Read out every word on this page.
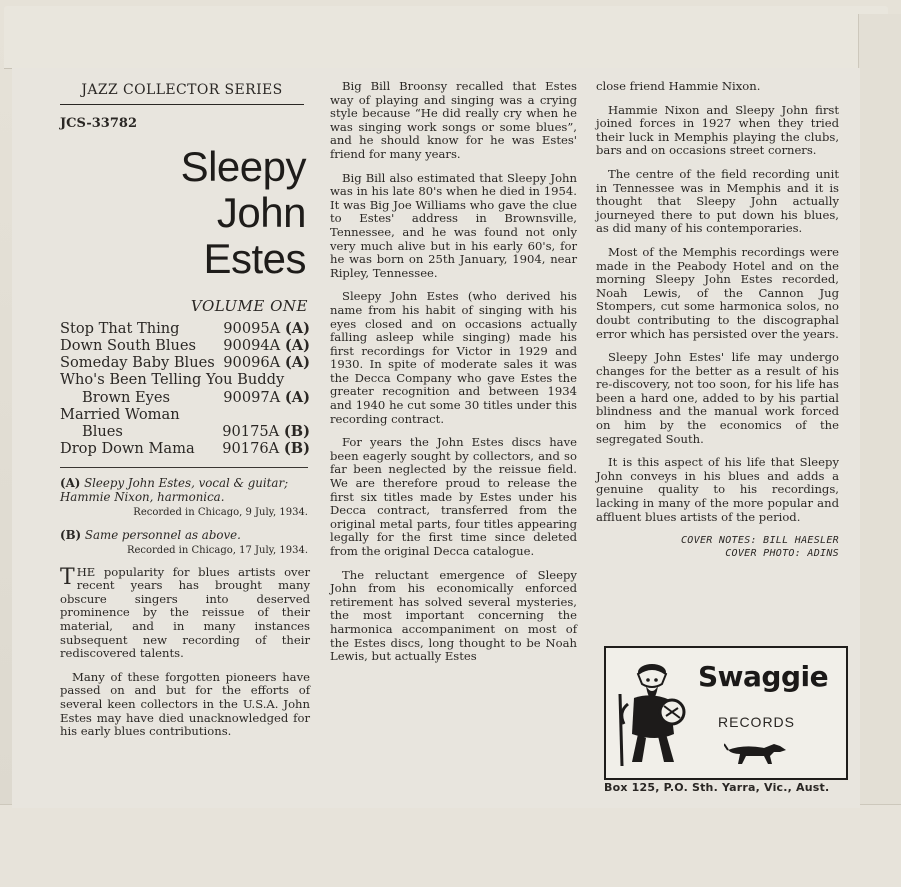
JAZZ COLLECTOR SERIES
JCS-33782
Sleepy
John
Estes
VOLUME ONE
Stop That Thing	90095A (A)
Down South Blues 90094A (A)
Someday Baby Blues 90096A (A)
Who's Been Telling You Buddy
Brown Eyes	90097A (A)
Married Woman
Blues	90175A (B)
Drop Down Mama 90176A (B)
(A) Sleepy John Estes, vocal & guitar; Hammie Nixon, harmonica.
Recorded in Chicago, 9 July, 1934.
(B) Same personnel as above.
Recorded in Chicago, 17 July, 1934.

THE popularity for blues artists over recent years has brought many obscure singers into deserved prominence by the reissue of their material, and in many instances subsequent new recording of their rediscovered talents.

Many of these forgotten pioneers have passed on and but for the efforts of several keen collectors in the U.S.A. John Estes may have died unacknowledged for his early blues contributions.

Big Bill Broonsy recalled that Estes way of playing and singing was a crying style because “He did really cry when he was singing work songs or some blues”, and he should know for he was Estes' friend for many years.

Big Bill also estimated that Sleepy John was in his late 80's when he died in 1954. It was Big Joe Williams who gave the clue to Estes' address in Brownsville, Tennessee, and he was found not only very much alive but in his early 60's, for he was born on 25th January, 1904, near Ripley, Tennessee.

Sleepy John Estes (who derived his name from his habit of singing with his eyes closed and on occasions actually falling asleep while singing) made his first recordings for Victor in 1929 and 1930. In spite of moderate sales it was the Decca Company who gave Estes the greater recognition and between 1934 and 1940 he cut some 30 titles under this recording contract.

For years the John Estes discs have been eagerly sought by collectors, and so far been neglected by the reissue field. We are therefore proud to release the first six titles made by Estes under his Decca contract, transferred from the original metal parts, four titles appearing legally for the first time since deleted from the original Decca catalogue.

The reluctant emergence of Sleepy John from his economically enforced retirement has solved several mysteries, the most important concerning the harmonica accompaniment on most of the Estes discs, long thought to be Noah Lewis, but actually Estes

close friend Hammie Nixon.

Hammie Nixon and Sleepy John first joined forces in 1927 when they tried their luck in Memphis playing the clubs, bars and on occasions street corners.

The centre of the field recording unit in Tennessee was in Memphis and it is thought that Sleepy John actually journeyed there to put down his blues, as did many of his contemporaries.

Most of the Memphis recordings were made in the Peabody Hotel and on the morning Sleepy John Estes recorded, Noah Lewis, of the Cannon Jug Stompers, cut some harmonica solos, no doubt contributing to the discographal error which has persisted over the years.

Sleepy John Estes' life may undergo changes for the better as a result of his re-discovery, not too soon, for his life has been a hard one, added to by his partial blindness and the manual work forced on him by the economics of the segregated South.

It is this aspect of his life that Sleepy John conveys in his blues and adds a genuine quality to his recordings, lacking in many of the more popular and affluent blues artists of the period.

COVER NOTES: BILL HAESLER
COVER PHOTO: ADINS
Swaggie
RECORDS
Box 125, P.O. Sth. Yarra, Vic., Aust.
